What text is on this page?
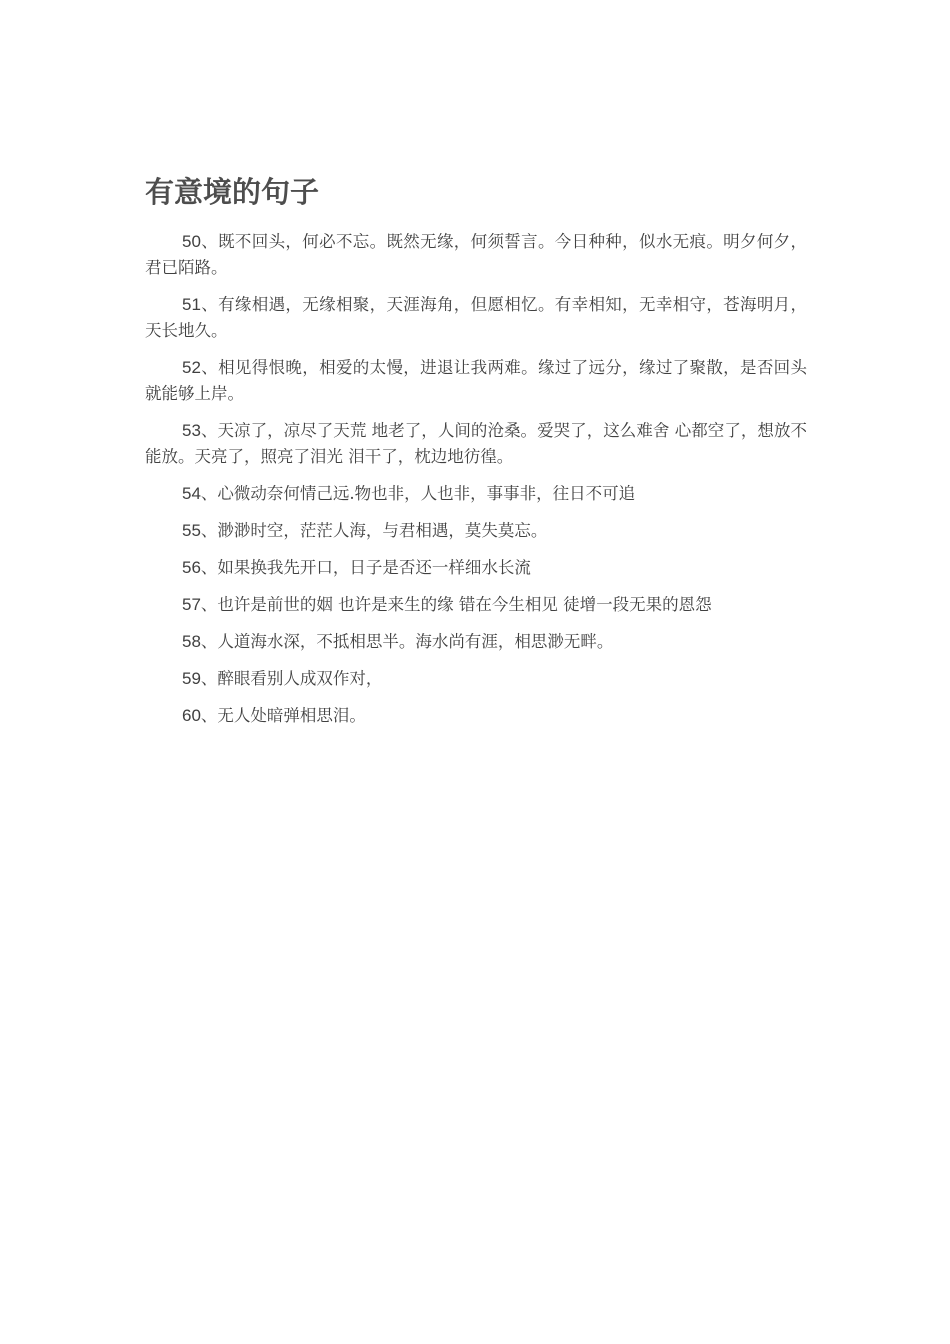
有意境的句子

50、既不回头，何必不忘。既然无缘，何须誓言。今日种种，似水无痕。明夕何夕，君已陌路。

51、有缘相遇，无缘相聚，天涯海角，但愿相忆。有幸相知，无幸相守，苍海明月，天长地久。

52、相见得恨晚，相爱的太慢，进退让我两难。缘过了远分，缘过了聚散，是否回头就能够上岸。

53、天凉了，凉尽了天荒 地老了，人间的沧桑。爱哭了，这么难舍 心都空了，想放不能放。天亮了，照亮了泪光 泪干了，枕边地彷徨。

54、心微动奈何情己远.物也非，人也非，事事非，往日不可追

55、渺渺时空，茫茫人海，与君相遇，莫失莫忘。

56、如果换我先开口，日子是否还一样细水长流

57、也许是前世的姻 也许是来生的缘 错在今生相见 徒增一段无果的恩怨

58、人道海水深，不抵相思半。海水尚有涯，相思渺无畔。

59、醉眼看别人成双作对，

60、无人处暗弹相思泪。
